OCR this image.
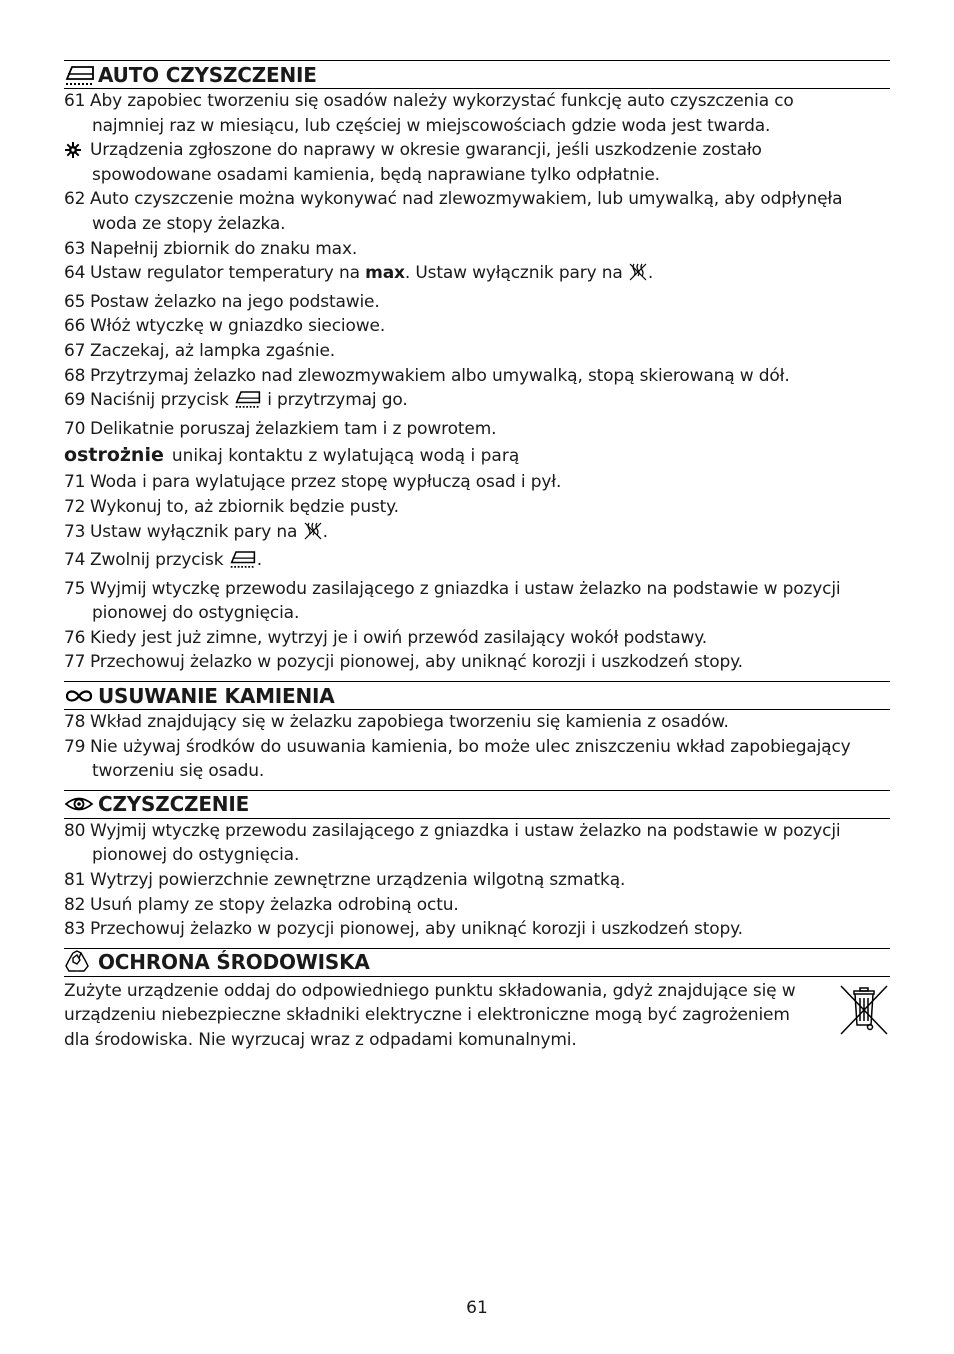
AUTO CZYSZCZENIE
61 Aby zapobiec tworzeniu się osadów należy wykorzystać funkcję auto czyszczenia co
najmniej raz w miesiącu, lub częściej w miejscowościach gdzie woda jest twarda.
Urządzenia zgłoszone do naprawy w okresie gwarancji, jeśli uszkodzenie zostało
spowodowane osadami kamienia, będą naprawiane tylko odpłatnie.
62 Auto czyszczenie można wykonywać nad zlewozmywakiem, lub umywalką, aby odpłynęła
woda ze stopy żelazka.
63 Napełnij zbiornik do znaku max.
64 Ustaw regulator temperatury na max. Ustaw wyłącznik pary na .
65 Postaw żelazko na jego podstawie.
66 Włóż wtyczkę w gniazdko sieciowe.
67 Zaczekaj, aż lampka zgaśnie.
68 Przytrzymaj żelazko nad zlewozmywakiem albo umywalką, stopą skierowaną w dół.
69 Naciśnij przycisk  i przytrzymaj go.
70 Delikatnie poruszaj żelazkiem tam i z powrotem.
ostrożnie unikaj kontaktu z wylatującą wodą i parą
71 Woda i para wylatujące przez stopę wypłuczą osad i pył.
72 Wykonuj to, aż zbiornik będzie pusty.
73 Ustaw wyłącznik pary na .
74 Zwolnij przycisk .
75 Wyjmij wtyczkę przewodu zasilającego z gniazdka i ustaw żelazko na podstawie w pozycji
pionowej do ostygnięcia.
76 Kiedy jest już zimne, wytrzyj je i owiń przewód zasilający wokół podstawy.
77 Przechowuj żelazko w pozycji pionowej, aby uniknąć korozji i uszkodzeń stopy.
USUWANIE KAMIENIA
78 Wkład znajdujący się w żelazku zapobiega tworzeniu się kamienia z osadów.
79 Nie używaj środków do usuwania kamienia, bo może ulec zniszczeniu wkład zapobiegający
tworzeniu się osadu.
CZYSZCZENIE
80 Wyjmij wtyczkę przewodu zasilającego z gniazdka i ustaw żelazko na podstawie w pozycji
pionowej do ostygnięcia.
81 Wytrzyj powierzchnie zewnętrzne urządzenia wilgotną szmatką.
82 Usuń plamy ze stopy żelazka odrobiną octu.
83 Przechowuj żelazko w pozycji pionowej, aby uniknąć korozji i uszkodzeń stopy.
OCHRONA ŚRODOWISKA
Zużyte urządzenie oddaj do odpowiedniego punktu składowania, gdyż znajdujące się w
urządzeniu niebezpieczne składniki elektryczne i elektroniczne mogą być zagrożeniem
dla środowiska. Nie wyrzucaj wraz z odpadami komunalnymi.
61
